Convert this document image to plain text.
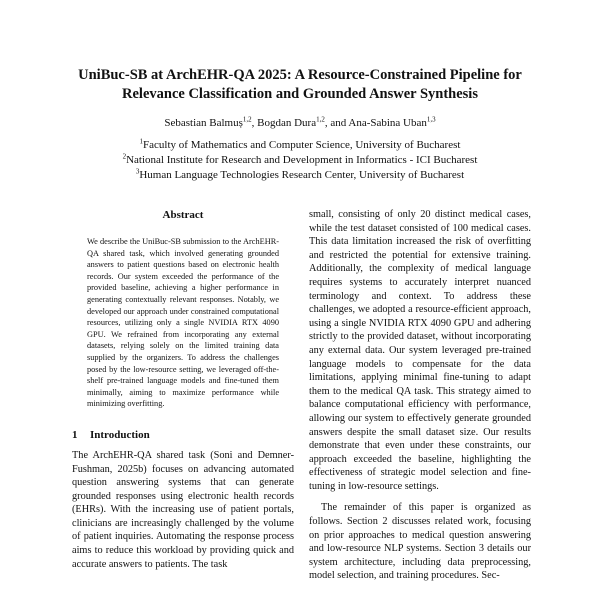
UniBuc-SB at ArchEHR-QA 2025: A Resource-Constrained Pipeline for
Relevance Classification and Grounded Answer Synthesis
Sebastian Balmuș$^{1,2}$, Bogdan Dura$^{1,2}$, and Ana-Sabina Uban$^{1,3}$
$^1$Faculty of Mathematics and Computer Science, University of Bucharest
$^2$National Institute for Research and Development in Informatics - ICI Bucharest
$^3$Human Language Technologies Research Center, University of Bucharest
Abstract

We describe the UniBuc-SB submission to the ArchEHR-QA shared task, which involved generating grounded answers to patient questions based on electronic health records. Our system exceeded the performance of the provided baseline, achieving a higher performance in generating contextually relevant responses. Notably, we developed our approach under constrained computational resources, utilizing only a single NVIDIA RTX 4090 GPU. We refrained from incorporating any external datasets, relying solely on the limited training data supplied by the organizers. To address the challenges posed by the low-resource setting, we leveraged off-the-shelf pre-trained language models and fine-tuned them minimally, aiming to maximize performance while minimizing overfitting.

1 Introduction

The ArchEHR-QA shared task (Soni and Demner-Fushman, 2025b) focuses on advancing automated question answering systems that can generate grounded responses using electronic health records (EHRs). With the increasing use of patient portals, clinicians are increasingly challenged by the volume of patient inquiries. Automating the response process aims to reduce this workload by providing quick and accurate answers to patients. The task

small, consisting of only 20 distinct medical cases, while the test dataset consisted of 100 medical cases. This data limitation increased the risk of overfitting and restricted the potential for extensive training. Additionally, the complexity of medical language requires systems to accurately interpret nuanced terminology and context. To address these challenges, we adopted a resource-efficient approach, using a single NVIDIA RTX 4090 GPU and adhering strictly to the provided dataset, without incorporating any external data. Our system leveraged pre-trained language models to compensate for the data limitations, applying minimal fine-tuning to adapt them to the medical QA task. This strategy aimed to balance computational efficiency with performance, allowing our system to effectively generate grounded answers despite the small dataset size. Our results demonstrate that even under these constraints, our approach exceeded the baseline, highlighting the effectiveness of strategic model selection and fine-tuning in low-resource settings.

The remainder of this paper is organized as follows. Section 2 discusses related work, focusing on prior approaches to medical question answering and low-resource NLP systems. Section 3 details our system architecture, including data preprocessing, model selection, and training procedures. Sec-
